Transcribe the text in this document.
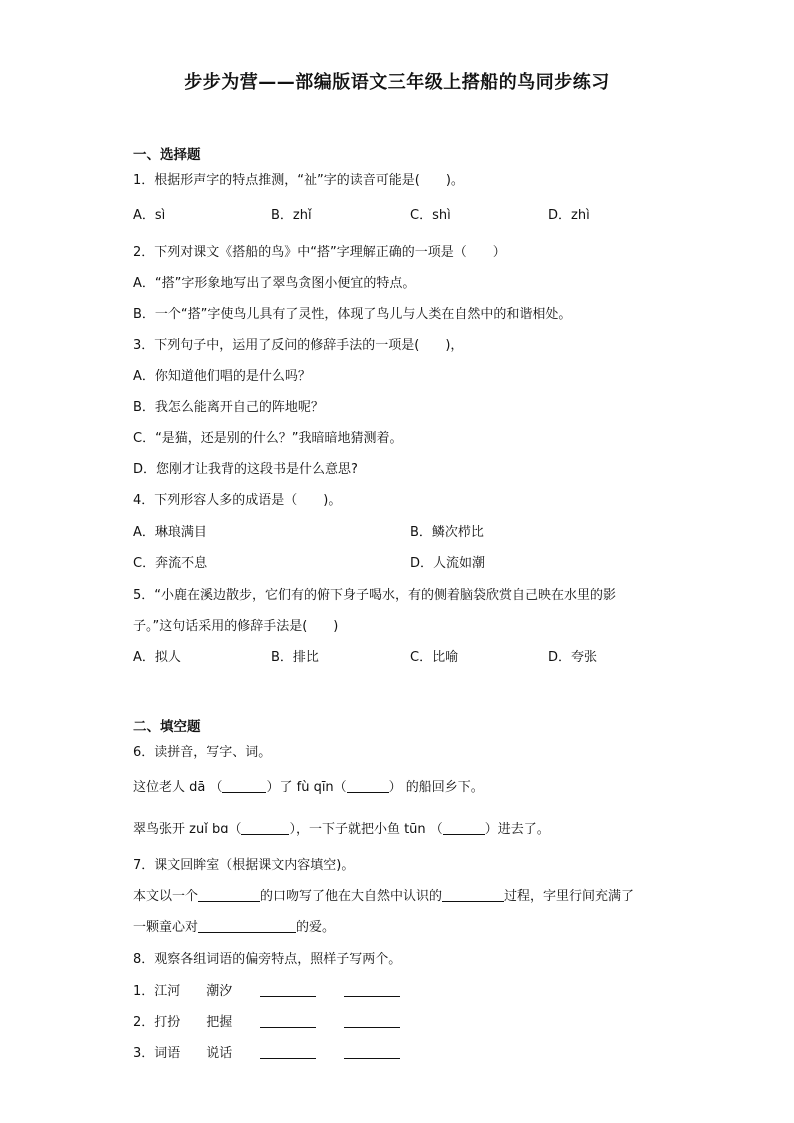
步步为营——部编版语文三年级上搭船的鸟同步练习
一、选择题
1．根据形声字的特点推测，“祉”字的读音可能是(　　)。
A．sì	B．zhǐ	C．shì	D．zhì
2．下列对课文《搭船的鸟》中“搭”字理解正确的一项是（　　）
A．“搭”字形象地写出了翠鸟贪图小便宜的特点。
B．一个“搭”字使鸟儿具有了灵性，体现了鸟儿与人类在自然中的和谐相处。
3．下列句子中，运用了反问的修辞手法的一项是(　　)，
A．你知道他们唱的是什么吗？
B．我怎么能离开自己的阵地呢？
C．“是猫，还是别的什么？”我暗暗地猜测着。
D．您刚才让我背的这段书是什么意思?
4．下列形容人多的成语是（　　)。
A．琳琅满目	B．鳞次栉比
C．奔流不息	D．人流如潮
5．“小鹿在溪边散步，它们有的俯下身子喝水，有的侧着脑袋欣赏自己映在水里的影
子。”这句话采用的修辞手法是(　　)
A．拟人	B．排比	C．比喻	D．夸张
二、填空题
6．读拼音，写字、词。
这位老人 dā （	）了 fù qīn（	） 的船回乡下。
翠鸟张开 zuǐ bɑ（	），一下子就把小鱼 tūn （	）进去了。
7．课文回眸室（根据课文内容填空)。
本文以一个	的口吻写了他在大自然中认识的	过程，字里行间充满了
一颗童心对	的爱。
8．观察各组词语的偏旁特点，照样子写两个。
1．江河 潮汐
2．打扮 把握
3．词语 说话
